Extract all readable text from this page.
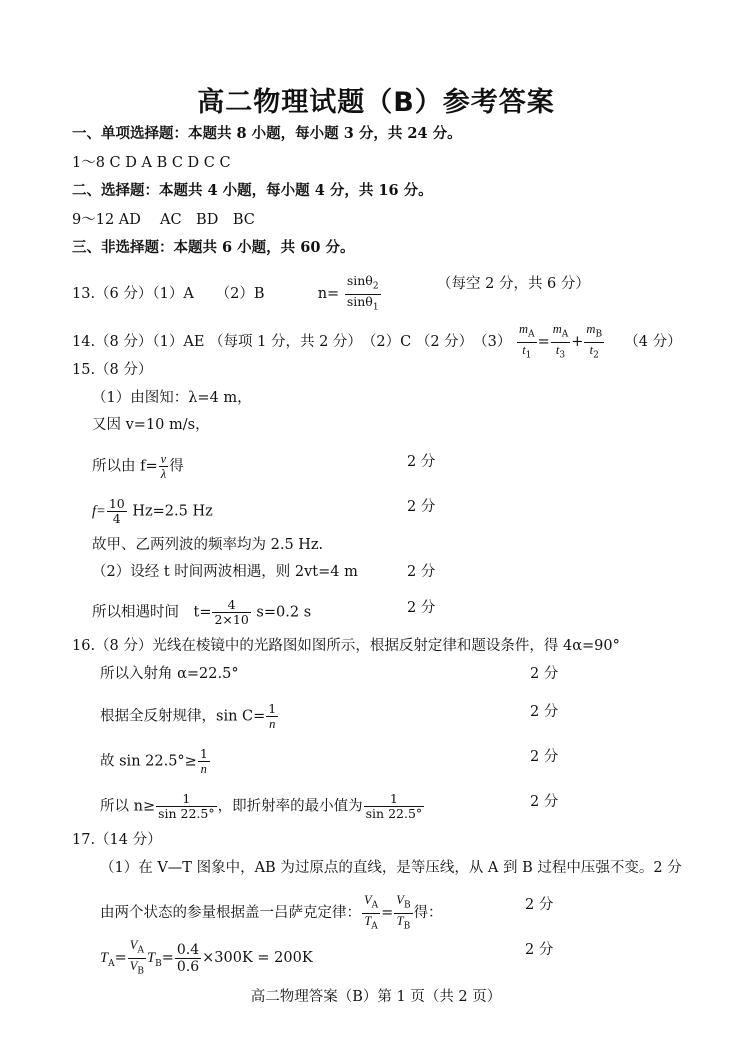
高二物理试题（B）参考答案
一、单项选择题：本题共 8 小题，每小题 3 分，共 24 分。
1～8 C D A B C D C C
二、选择题：本题共 4 小题，每小题 4 分，共 16 分。
9～12 AD　 AC　BD　BC
三、非选择题：本题共 6 小题，共 60 分。
13.（6 分）（1）A　　（2）B	$n= \frac{\sin\theta_2}{\sin\theta_1}$	（每空 2 分，共 6 分）
14.（8 分）（1）AE （每项 1 分，共 2 分）　（2）C （2 分）　$(3) \frac{m_A}{t_1} = \frac{m_A}{t_3} + \frac{m_B}{t_2} (4$ 分）
15.（8 分）
（1）由图知：λ=4 m，
又因 v=10 m/s，
所以由 $f= \frac{v}{\lambda}$ 得	2 分
$f= \frac{10}{4} Hz=2.5$ Hz	2 分
故甲、乙两列波的频率均为 2.5 Hz.
（2）设经 t 时间两波相遇，则 2vt=4 m	2 分
所以相遇时间　$t= \frac{4}{2\times 10} s=0.2$ s	2 分
16.（8 分）光线在棱镜中的光路图如图所示，根据反射定律和题设条件，得 4α=90°
所以入射角 α=22.5°	2 分
根据全反射规律，$\sin C= \frac{1}{n}$	2 分
故 $\sin 22.5^\circ\ge \frac{1}{n}$	2 分
所以 $n\ge \frac{1}{\sin 22.5^\circ}$ ，即折射率的最小值为 $\frac{1}{\sin 22.5^\circ}$	2 分
17.（14 分）
（1）在 V—T 图象中，AB 为过原点的直线，是等压线，从 A 到 B 过程中压强不变。2 分
由两个状态的参量根据盖一吕萨克定律： $\frac{V_A}{T_A} = \frac{V_B}{T_B}$ 得：	2 分
$T_A= \frac{V_A}{V_B} T_B= \frac{0.4}{0.6} \times 300K = 200K$	2 分
高二物理答案（B）第 1 页（共 2 页）
